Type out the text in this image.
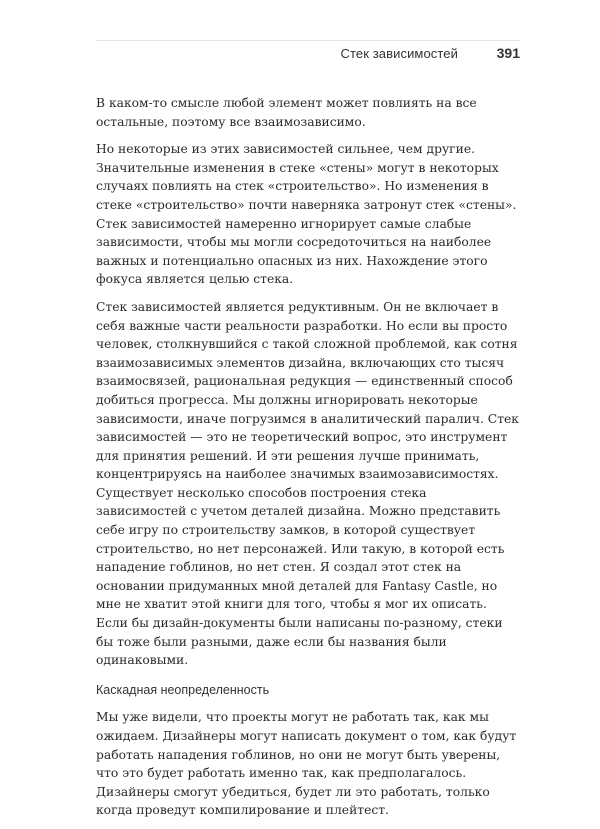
Стек зависимостей	391

В каком-то смысле любой элемент может повлиять на все остальные, поэтому все взаимозависимо.

Но некоторые из этих зависимостей сильнее, чем другие. Значительные изменения в стеке «стены» могут в некоторых случаях повлиять на стек «строительство». Но изменения в стеке «строительство» почти наверняка затронут стек «стены». Стек зависимостей намеренно игнорирует самые слабые зависимости, чтобы мы могли сосредоточиться на наиболее важных и потенциально опасных из них. Нахождение этого фокуса является целью стека.

Стек зависимостей является редуктивным. Он не включает в себя важные части реальности разработки. Но если вы просто человек, столкнувшийся с такой сложной проблемой, как сотня взаимозависимых элементов дизайна, включающих сто тысяч взаимосвязей, рациональная редукция — единственный способ добиться прогресса. Мы должны игнорировать некоторые зависимости, иначе погрузимся в аналитический паралич. Стек зависимостей — это не теоретический вопрос, это инструмент для принятия решений. И эти решения лучше принимать, концентрируясь на наиболее значимых взаимозависимостях. Существует несколько способов построения стека зависимостей с учетом деталей дизайна. Можно представить себе игру по строительству замков, в которой существует строительство, но нет персонажей. Или такую, в которой есть нападение гоблинов, но нет стен. Я создал этот стек на основании придуманных мной деталей для Fantasy Castle, но мне не хватит этой книги для того, чтобы я мог их описать. Если бы дизайн-документы были написаны по-разному, стеки бы тоже были разными, даже если бы названия были одинаковыми.

Каскадная неопределенность

Мы уже видели, что проекты могут не работать так, как мы ожидаем. Дизайнеры могут написать документ о том, как будут работать нападения гоблинов, но они не могут быть уверены, что это будет работать именно так, как предполагалось. Дизайнеры смогут убедиться, будет ли это работать, только когда проведут компилирование и плейтест.
